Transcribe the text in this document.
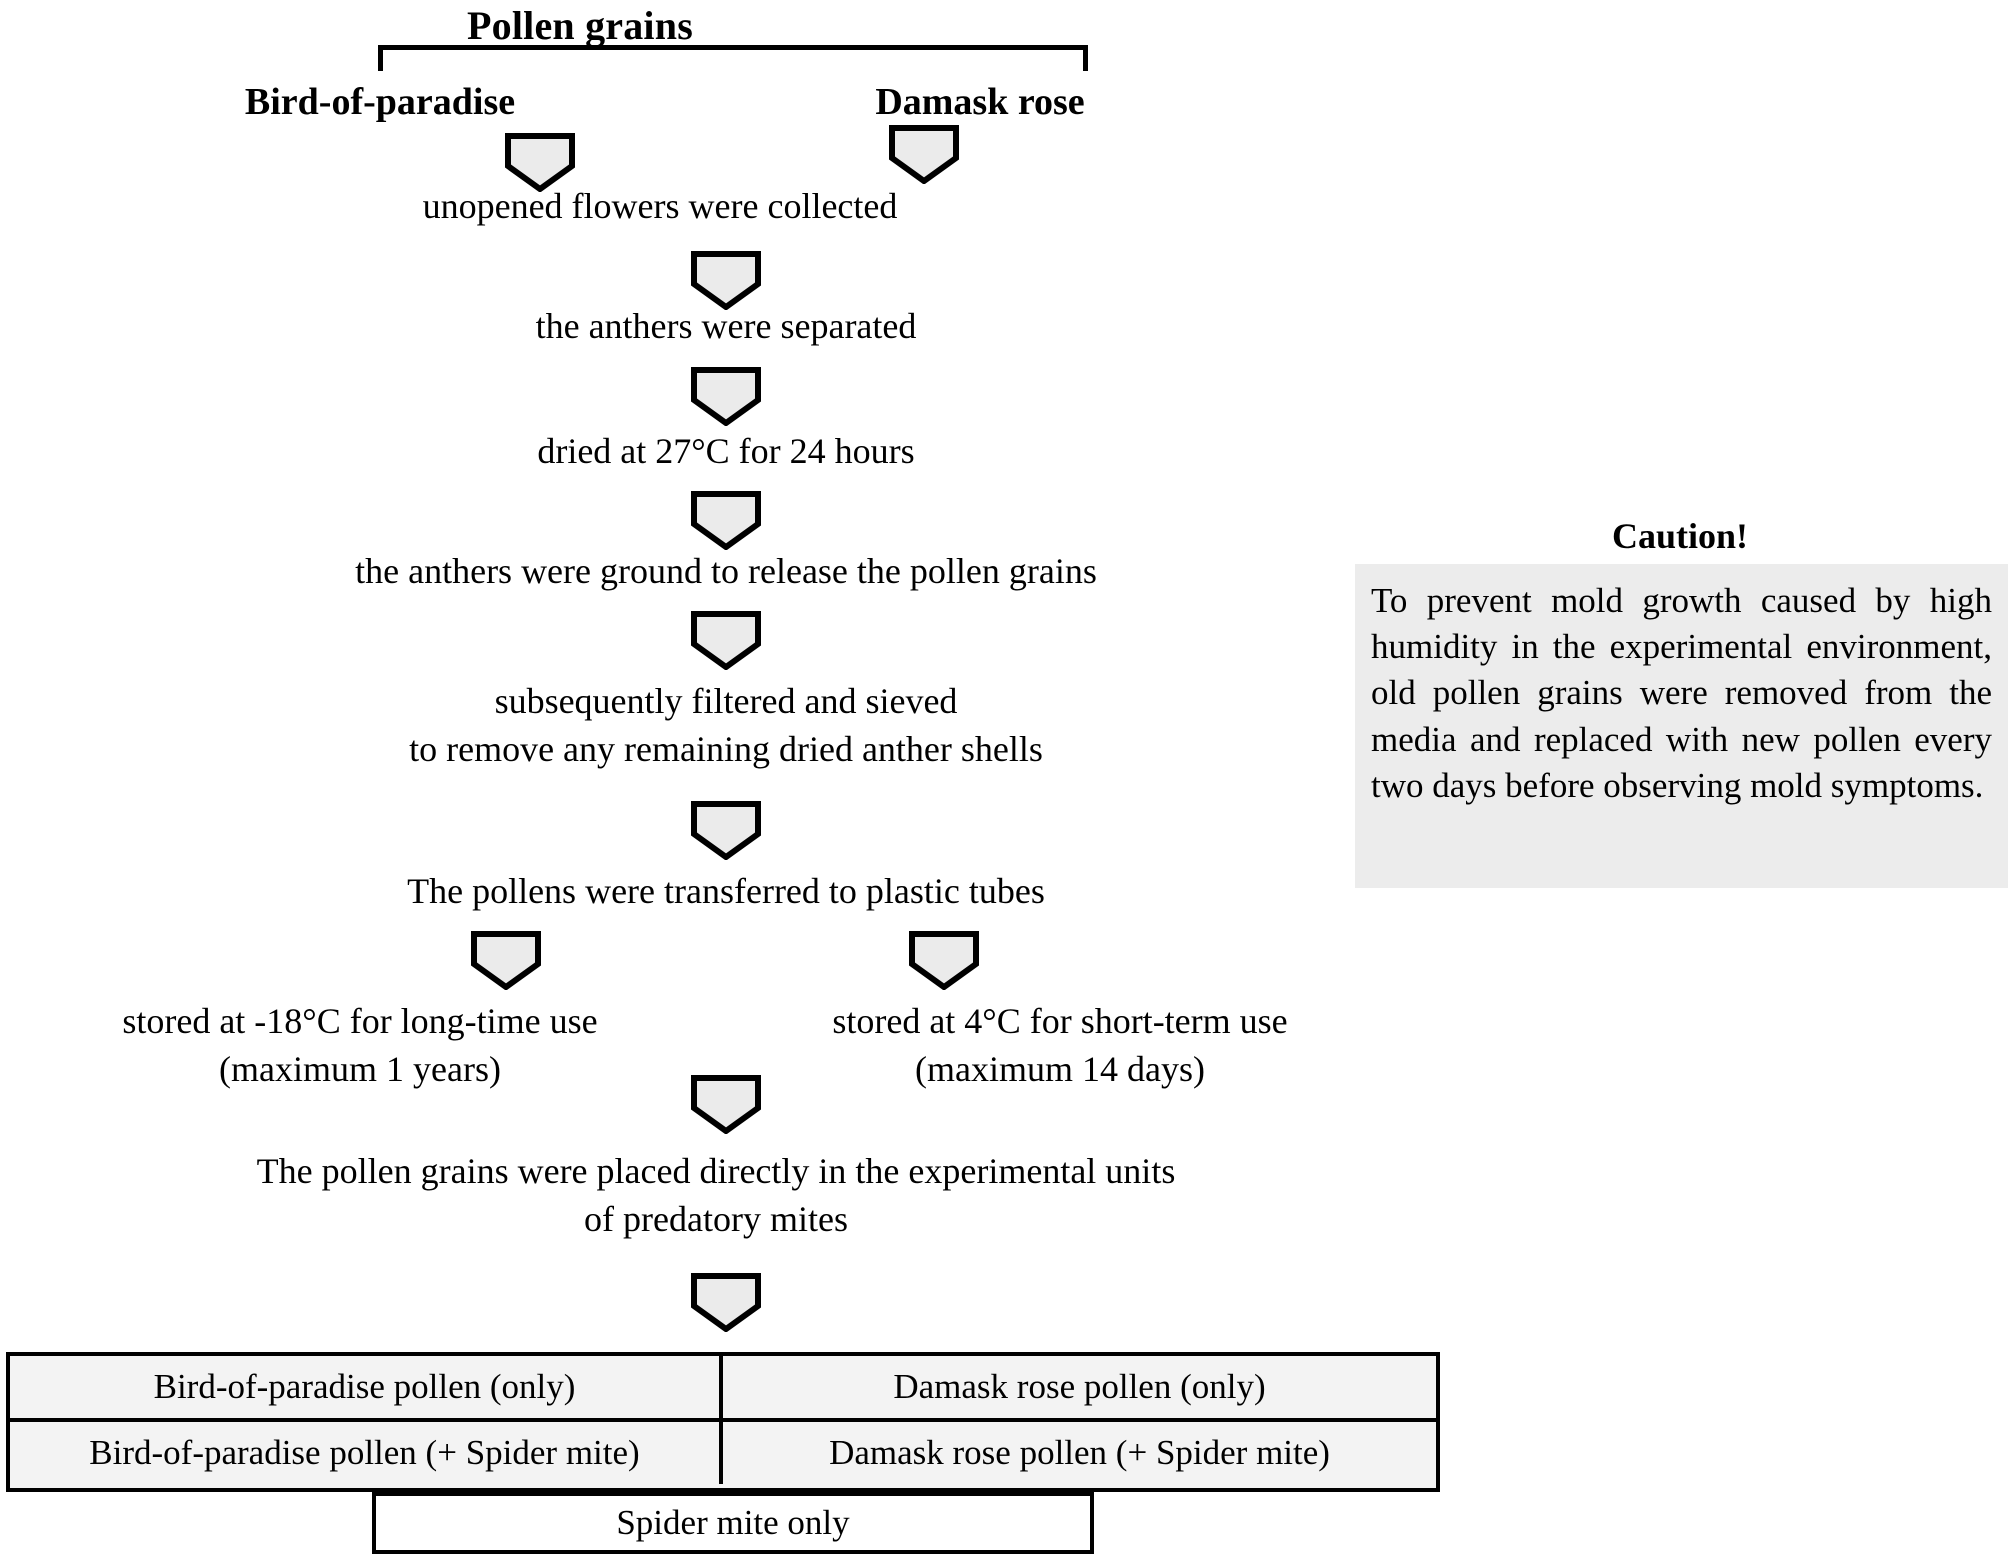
Pollen grains
Bird-of-paradise	Damask rose
unopened flowers were collected
the anthers were separated
dried at 27°C for 24 hours
the anthers were ground to release the pollen grains
subsequently filtered and sieved
to remove any remaining dried anther shells
The pollens were transferred to plastic tubes
stored at -18°C for long-time use
(maximum 1 years)
stored at 4°C for short-term use
(maximum 14 days)
The pollen grains were placed directly in the experimental units
of predatory mites
Caution!
To prevent mold growth caused by high humidity in the experimental environment, old pollen grains were removed from the media and replaced with new pollen every two days before observing mold symptoms.
Bird-of-paradise pollen (only)	Damask rose pollen (only)
Bird-of-paradise pollen (+ Spider mite)	Damask rose pollen (+ Spider mite)
Spider mite only
